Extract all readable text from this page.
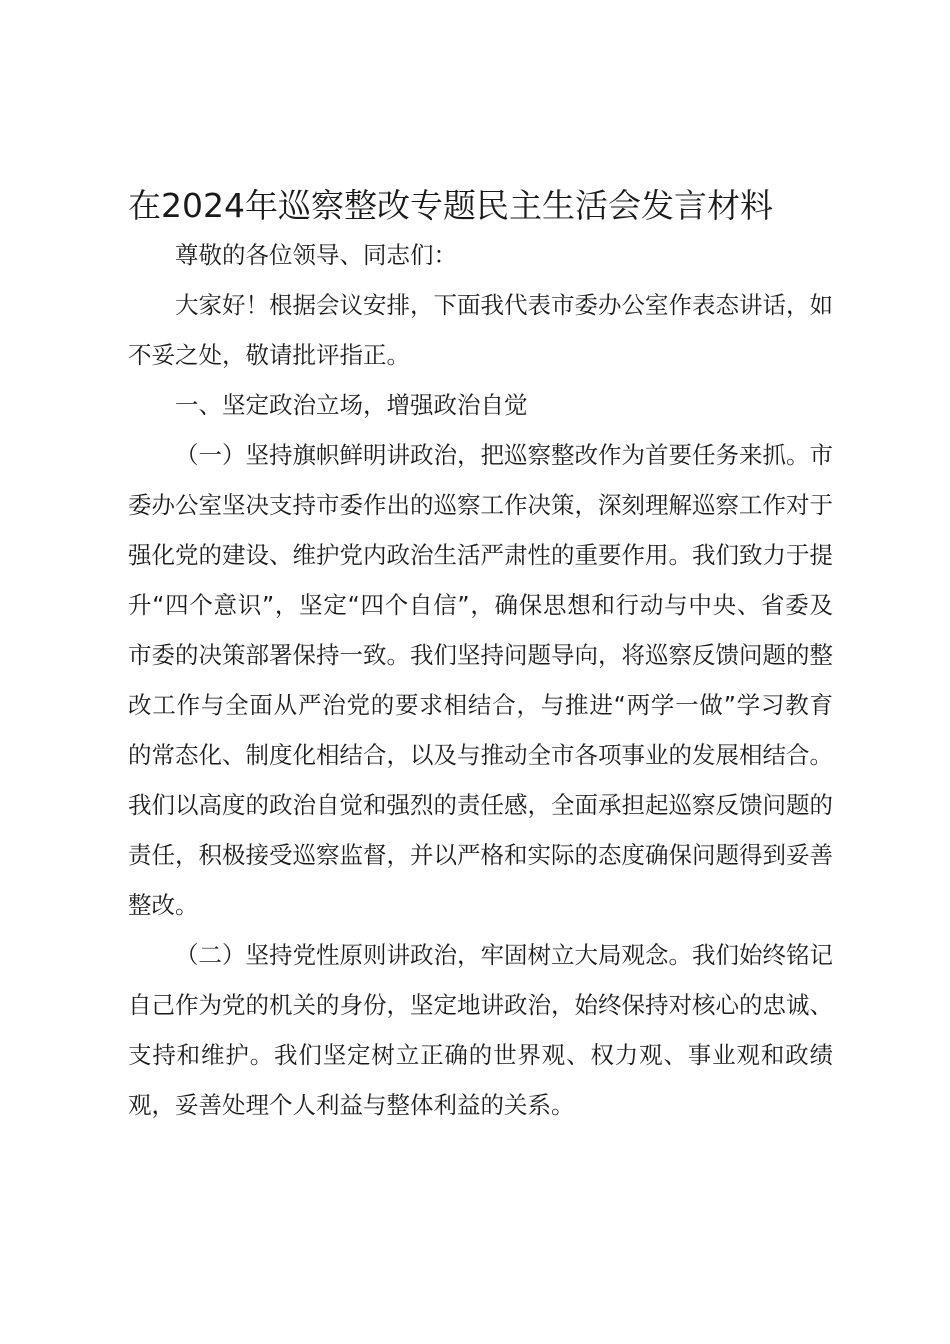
在2024年巡察整改专题民主生活会发言材料

尊敬的各位领导、同志们：

大家好！根据会议安排，下面我代表市委办公室作表态讲话，如不妥之处，敬请批评指正。

一、坚定政治立场，增强政治自觉

（一）坚持旗帜鲜明讲政治，把巡察整改作为首要任务来抓。市委办公室坚决支持市委作出的巡察工作决策，深刻理解巡察工作对于强化党的建设、维护党内政治生活严肃性的重要作用。我们致力于提升“四个意识”，坚定“四个自信”，确保思想和行动与中央、省委及市委的决策部署保持一致。我们坚持问题导向，将巡察反馈问题的整改工作与全面从严治党的要求相结合，与推进“两学一做”学习教育的常态化、制度化相结合，以及与推动全市各项事业的发展相结合。我们以高度的政治自觉和强烈的责任感，全面承担起巡察反馈问题的责任，积极接受巡察监督，并以严格和实际的态度确保问题得到妥善整改。

（二）坚持党性原则讲政治，牢固树立大局观念。我们始终铭记自己作为党的机关的身份，坚定地讲政治，始终保持对核心的忠诚、支持和维护。我们坚定树立正确的世界观、权力观、事业观和政绩观，妥善处理个人利益与整体利益的关系。
